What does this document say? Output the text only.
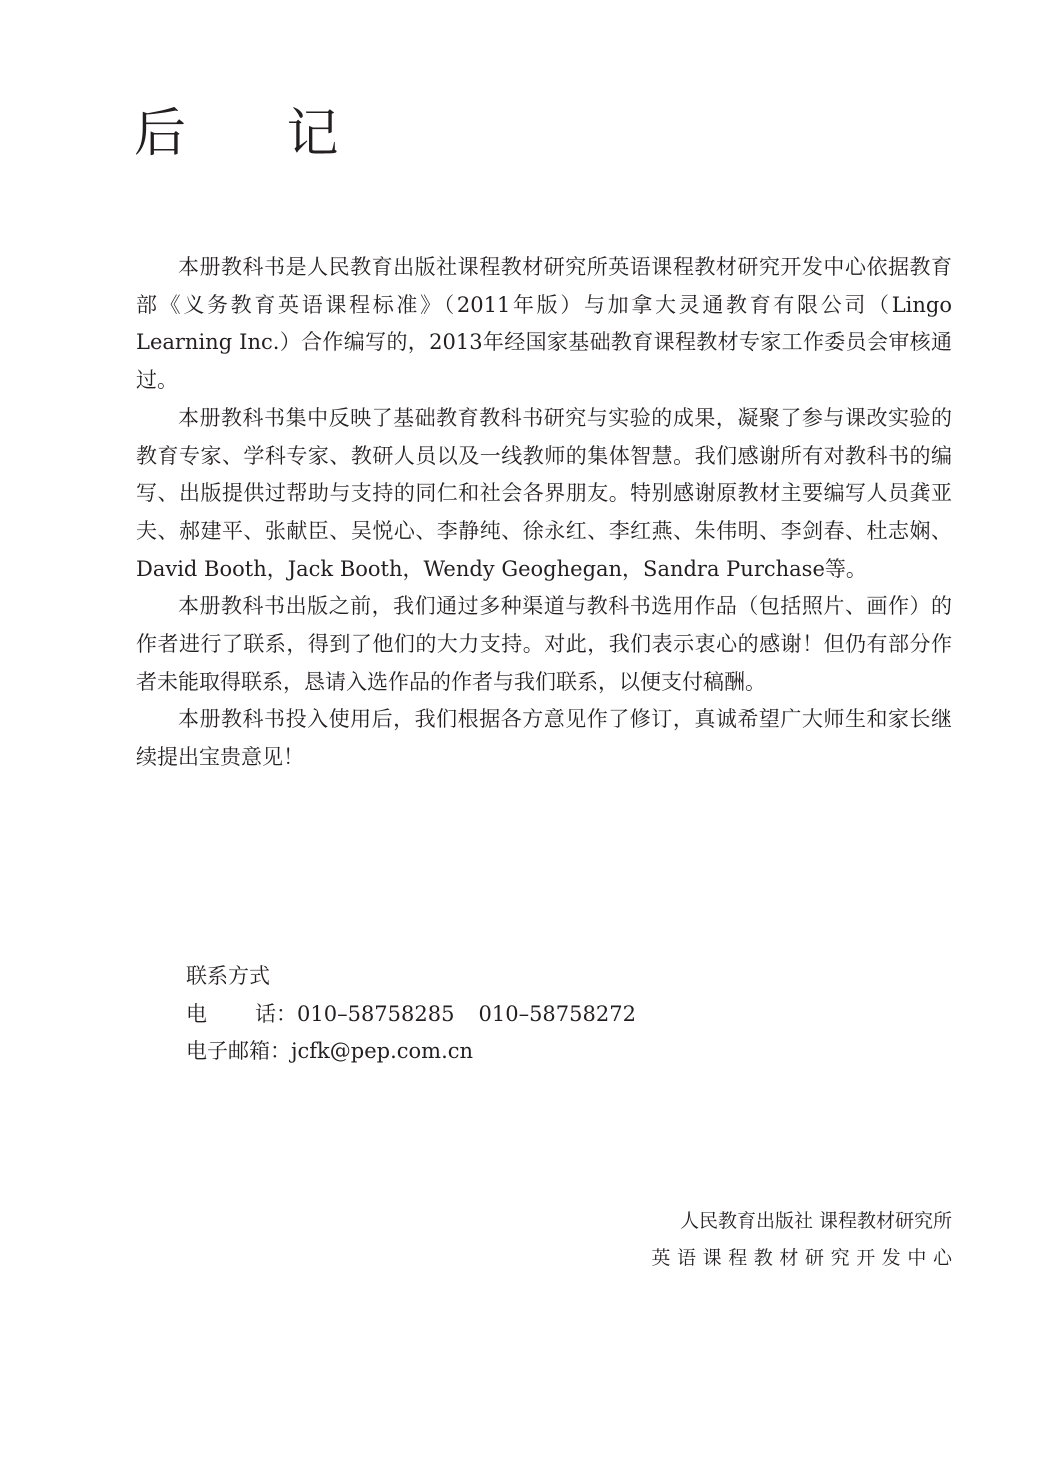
后 记

本册教科书是人民教育出版社课程教材研究所英语课程教材研究开发中心依据教育部《义务教育英语课程标准》（2011年版）与加拿大灵通教育有限公司（Lingo Learning Inc.）合作编写的，2013年经国家基础教育课程教材专家工作委员会审核通过。

本册教科书集中反映了基础教育教科书研究与实验的成果，凝聚了参与课改实验的教育专家、学科专家、教研人员以及一线教师的集体智慧。我们感谢所有对教科书的编写、出版提供过帮助与支持的同仁和社会各界朋友。特别感谢原教材主要编写人员龚亚夫、郝建平、张献臣、吴悦心、李静纯、徐永红、李红燕、朱伟明、李剑春、杜志娴、David Booth，Jack Booth，Wendy Geoghegan，Sandra Purchase等。

本册教科书出版之前，我们通过多种渠道与教科书选用作品（包括照片、画作）的作者进行了联系，得到了他们的大力支持。对此，我们表示衷心的感谢！但仍有部分作者未能取得联系，恳请入选作品的作者与我们联系，以便支付稿酬。

本册教科书投入使用后，我们根据各方意见作了修订，真诚希望广大师生和家长继续提出宝贵意见！

联系方式
电 话：010–58758285 010–58758272
电子邮箱：jcfk@pep.com.cn
人民教育出版社 课程教材研究所
英语课程教材研究开发中心
